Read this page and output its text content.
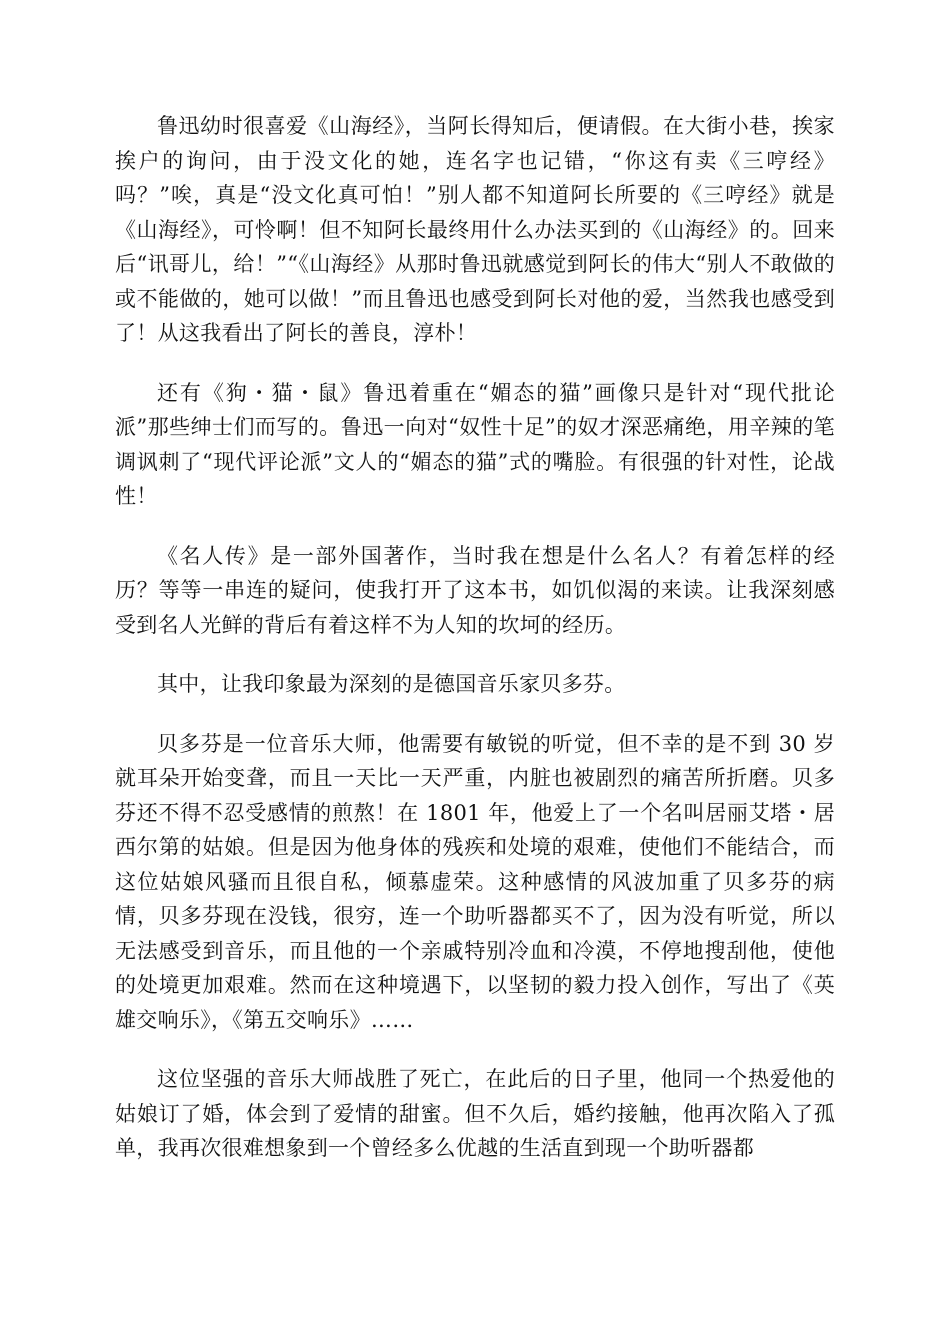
鲁迅幼时很喜爱《山海经》，当阿长得知后，便请假。在大街小巷，挨家挨户的询问，由于没文化的她，连名字也记错，“你这有卖《三哼经》吗？”唉，真是“没文化真可怕！”别人都不知道阿长所要的《三哼经》就是《山海经》，可怜啊！但不知阿长最终用什么办法买到的《山海经》的。回来后“讯哥儿，给！”“《山海经》从那时鲁迅就感觉到阿长的伟大“别人不敢做的或不能做的，她可以做！”而且鲁迅也感受到阿长对他的爱，当然我也感受到了！从这我看出了阿长的善良，淳朴！

还有《狗・猫・鼠》鲁迅着重在“媚态的猫”画像只是针对“现代批论派”那些绅士们而写的。鲁迅一向对“奴性十足”的奴才深恶痛绝，用辛辣的笔调讽刺了“现代评论派”文人的“媚态的猫”式的嘴脸。有很强的针对性，论战性！

《名人传》是一部外国著作，当时我在想是什么名人？有着怎样的经历？等等一串连的疑问，使我打开了这本书，如饥似渴的来读。让我深刻感受到名人光鲜的背后有着这样不为人知的坎坷的经历。

其中，让我印象最为深刻的是德国音乐家贝多芬。

贝多芬是一位音乐大师，他需要有敏锐的听觉，但不幸的是不到 30 岁就耳朵开始变聋，而且一天比一天严重，内脏也被剧烈的痛苦所折磨。贝多芬还不得不忍受感情的煎熬！在 1801 年，他爱上了一个名叫居丽艾塔・居西尔第的姑娘。但是因为他身体的残疾和处境的艰难，使他们不能结合，而这位姑娘风骚而且很自私，倾慕虚荣。这种感情的风波加重了贝多芬的病情，贝多芬现在没钱，很穷，连一个助听器都买不了，因为没有听觉，所以无法感受到音乐，而且他的一个亲戚特别冷血和冷漠，不停地搜刮他，使他的处境更加艰难。然而在这种境遇下，以坚韧的毅力投入创作，写出了《英雄交响乐》，《第五交响乐》……

这位坚强的音乐大师战胜了死亡，在此后的日子里，他同一个热爱他的姑娘订了婚，体会到了爱情的甜蜜。但不久后，婚约接触，他再次陷入了孤单，我再次很难想象到一个曾经多么优越的生活直到现一个助听器都
